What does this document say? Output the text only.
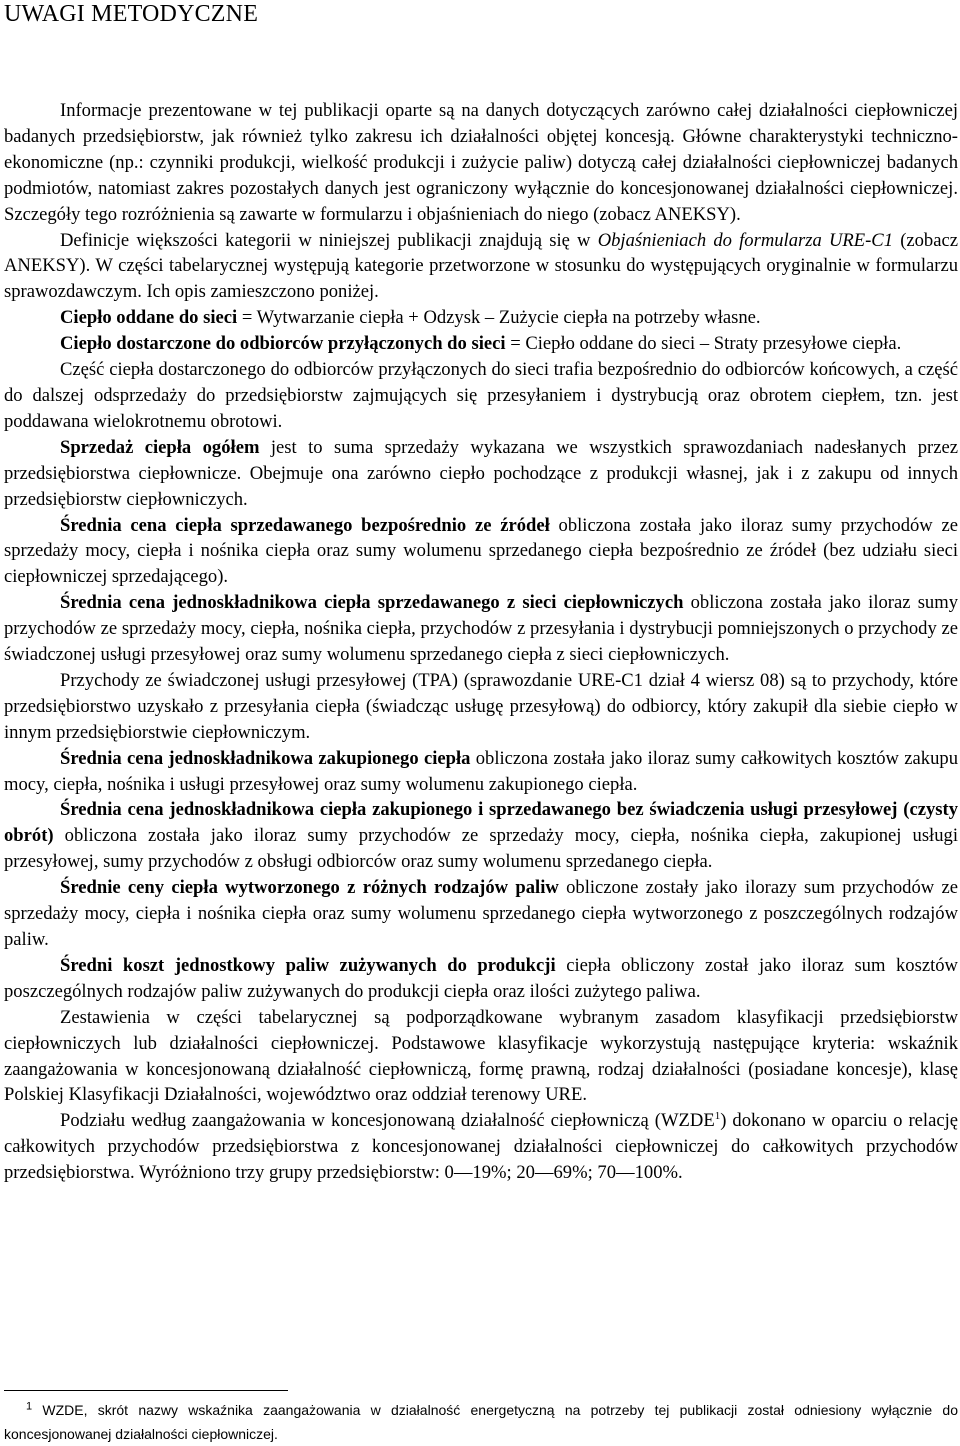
UWAGI METODYCZNE

Informacje prezentowane w tej publikacji oparte są na danych dotyczących zarówno całej działalności ciepłowniczej badanych przedsiębiorstw, jak również tylko zakresu ich działalności objętej koncesją. Główne charakterystyki techniczno-ekonomiczne (np.: czynniki produkcji, wielkość produkcji i zużycie paliw) dotyczą całej działalności ciepłowniczej badanych podmiotów, natomiast zakres pozostałych danych jest ograniczony wyłącznie do koncesjonowanej działalności ciepłowniczej. Szczegóły tego rozróżnienia są zawarte w formularzu i objaśnieniach do niego (zobacz ANEKSY).

Definicje większości kategorii w niniejszej publikacji znajdują się w Objaśnieniach do formularza URE-C1 (zobacz ANEKSY). W części tabelarycznej występują kategorie przetworzone w stosunku do występujących oryginalnie w formularzu sprawozdawczym. Ich opis zamieszczono poniżej.

Ciepło oddane do sieci = Wytwarzanie ciepła + Odzysk – Zużycie ciepła na potrzeby własne.

Ciepło dostarczone do odbiorców przyłączonych do sieci = Ciepło oddane do sieci – Straty przesyłowe ciepła.

Część ciepła dostarczonego do odbiorców przyłączonych do sieci trafia bezpośrednio do odbiorców końcowych, a część do dalszej odsprzedaży do przedsiębiorstw zajmujących się przesyłaniem i dystrybucją oraz obrotem ciepłem, tzn. jest poddawana wielokrotnemu obrotowi.

Sprzedaż ciepła ogółem jest to suma sprzedaży wykazana we wszystkich sprawozdaniach nadesłanych przez przedsiębiorstwa ciepłownicze. Obejmuje ona zarówno ciepło pochodzące z produkcji własnej, jak i z zakupu od innych przedsiębiorstw ciepłowniczych.

Średnia cena ciepła sprzedawanego bezpośrednio ze źródeł obliczona została jako iloraz sumy przychodów ze sprzedaży mocy, ciepła i nośnika ciepła oraz sumy wolumenu sprzedanego ciepła bezpośrednio ze źródeł (bez udziału sieci ciepłowniczej sprzedającego).

Średnia cena jednoskładnikowa ciepła sprzedawanego z sieci ciepłowniczych obliczona została jako iloraz sumy przychodów ze sprzedaży mocy, ciepła, nośnika ciepła, przychodów z przesyłania i dystrybucji pomniejszonych o przychody ze świadczonej usługi przesyłowej oraz sumy wolumenu sprzedanego ciepła z sieci ciepłowniczych.

Przychody ze świadczonej usługi przesyłowej (TPA) (sprawozdanie URE-C1 dział 4 wiersz 08) są to przychody, które przedsiębiorstwo uzyskało z przesyłania ciepła (świadcząc usługę przesyłową) do odbiorcy, który zakupił dla siebie ciepło w innym przedsiębiorstwie ciepłowniczym.

Średnia cena jednoskładnikowa zakupionego ciepła obliczona została jako iloraz sumy całkowitych kosztów zakupu mocy, ciepła, nośnika i usługi przesyłowej oraz sumy wolumenu zakupionego ciepła.

Średnia cena jednoskładnikowa ciepła zakupionego i sprzedawanego bez świadczenia usługi przesyłowej (czysty obrót) obliczona została jako iloraz sumy przychodów ze sprzedaży mocy, ciepła, nośnika ciepła, zakupionej usługi przesyłowej, sumy przychodów z obsługi odbiorców oraz sumy wolumenu sprzedanego ciepła.

Średnie ceny ciepła wytworzonego z różnych rodzajów paliw obliczone zostały jako ilorazy sum przychodów ze sprzedaży mocy, ciepła i nośnika ciepła oraz sumy wolumenu sprzedanego ciepła wytworzonego z poszczególnych rodzajów paliw.

Średni koszt jednostkowy paliw zużywanych do produkcji ciepła obliczony został jako iloraz sum kosztów poszczególnych rodzajów paliw zużywanych do produkcji ciepła oraz ilości zużytego paliwa.

Zestawienia w części tabelarycznej są podporządkowane wybranym zasadom klasyfikacji przedsiębiorstw ciepłowniczych lub działalności ciepłowniczej. Podstawowe klasyfikacje wykorzystują następujące kryteria: wskaźnik zaangażowania w koncesjonowaną działalność ciepłowniczą, formę prawną, rodzaj działalności (posiadane koncesje), klasę Polskiej Klasyfikacji Działalności, województwo oraz oddział terenowy URE.

Podziału według zaangażowania w koncesjonowaną działalność ciepłowniczą (WZDE$^1$) dokonano w oparciu o relację całkowitych przychodów przedsiębiorstwa z koncesjonowanej działalności ciepłowniczej do całkowitych przychodów przedsiębiorstwa. Wyróżniono trzy grupy przedsiębiorstw: 0—19%; 20—69%; 70—100%.

$^1$ WZDE, skrót nazwy wskaźnika zaangażowania w działalność energetyczną na potrzeby tej publikacji został odniesiony wyłącznie do koncesjonowanej działalności ciepłowniczej.
